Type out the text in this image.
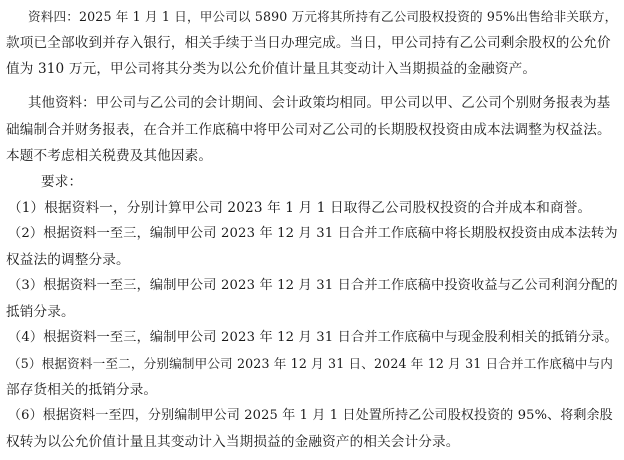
资料四：2025 年 1 月 1 日，甲公司以 5890 万元将其所持有乙公司股权投资的 95%出售给非关联方，
款项已全部收到并存入银行，相关手续于当日办理完成。当日，甲公司持有乙公司剩余股权的公允价
值为 310 万元，甲公司将其分类为以公允价值计量且其变动计入当期损益的金融资产。
其他资料：甲公司与乙公司的会计期间、会计政策均相同。甲公司以甲、乙公司个别财务报表为基
础编制合并财务报表，在合并工作底稿中将甲公司对乙公司的长期股权投资由成本法调整为权益法。
本题不考虑相关税费及其他因素。
要求：
（1）根据资料一，分别计算甲公司 2023 年 1 月 1 日取得乙公司股权投资的合并成本和商誉。
（2）根据资料一至三，编制甲公司 2023 年 12 月 31 日合并工作底稿中将长期股权投资由成本法转为
权益法的调整分录。
（3）根据资料一至三，编制甲公司 2023 年 12 月 31 日合并工作底稿中投资收益与乙公司利润分配的
抵销分录。
（4）根据资料一至三，编制甲公司 2023 年 12 月 31 日合并工作底稿中与现金股利相关的抵销分录。
（5）根据资料一至二，分别编制甲公司 2023 年 12 月 31 日、2024 年 12 月 31 日合并工作底稿中与内
部存货相关的抵销分录。
（6）根据资料一至四，分别编制甲公司 2025 年 1 月 1 日处置所持乙公司股权投资的 95%、将剩余股
权转为以公允价值计量且其变动计入当期损益的金融资产的相关会计分录。
